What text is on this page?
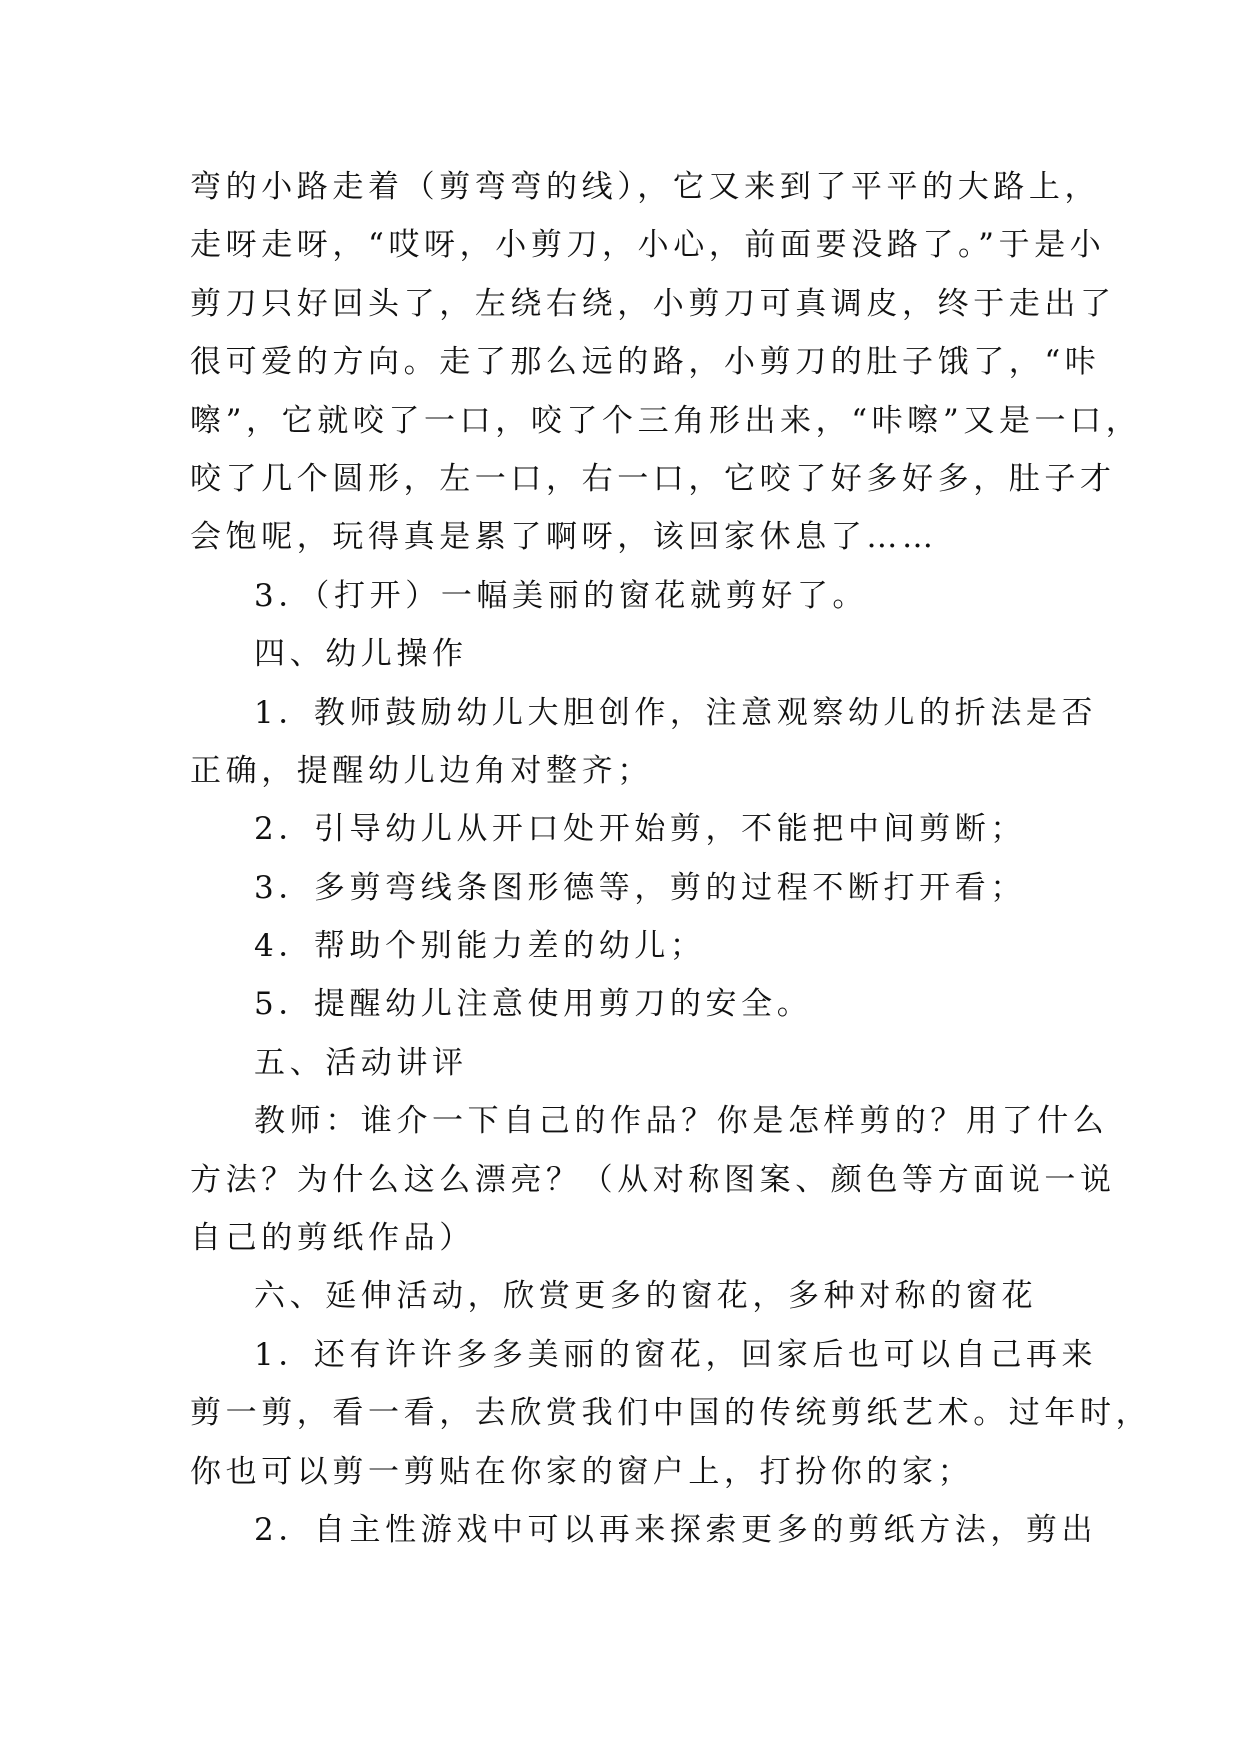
弯的小路走着（剪弯弯的线），它又来到了平平的大路上，
走呀走呀，“哎呀，小剪刀，小心，前面要没路了。”于是小
剪刀只好回头了，左绕右绕，小剪刀可真调皮，终于走出了
很可爱的方向。走了那么远的路，小剪刀的肚子饿了，“咔
嚓”，它就咬了一口，咬了个三角形出来，“咔嚓”又是一口，
咬了几个圆形，左一口，右一口，它咬了好多好多，肚子才
会饱呢，玩得真是累了啊呀，该回家休息了……
3．（打开）一幅美丽的窗花就剪好了。
四、幼儿操作
1．教师鼓励幼儿大胆创作，注意观察幼儿的折法是否
正确，提醒幼儿边角对整齐；
2．引导幼儿从开口处开始剪，不能把中间剪断；
3．多剪弯线条图形德等，剪的过程不断打开看；
4．帮助个别能力差的幼儿；
5．提醒幼儿注意使用剪刀的安全。
五、活动讲评
教师：谁介一下自己的作品？你是怎样剪的？用了什么
方法？为什么这么漂亮？（从对称图案、颜色等方面说一说
自己的剪纸作品）
六、延伸活动，欣赏更多的窗花，多种对称的窗花
1．还有许许多多美丽的窗花，回家后也可以自己再来
剪一剪，看一看，去欣赏我们中国的传统剪纸艺术。过年时，
你也可以剪一剪贴在你家的窗户上，打扮你的家；
2．自主性游戏中可以再来探索更多的剪纸方法，剪出
